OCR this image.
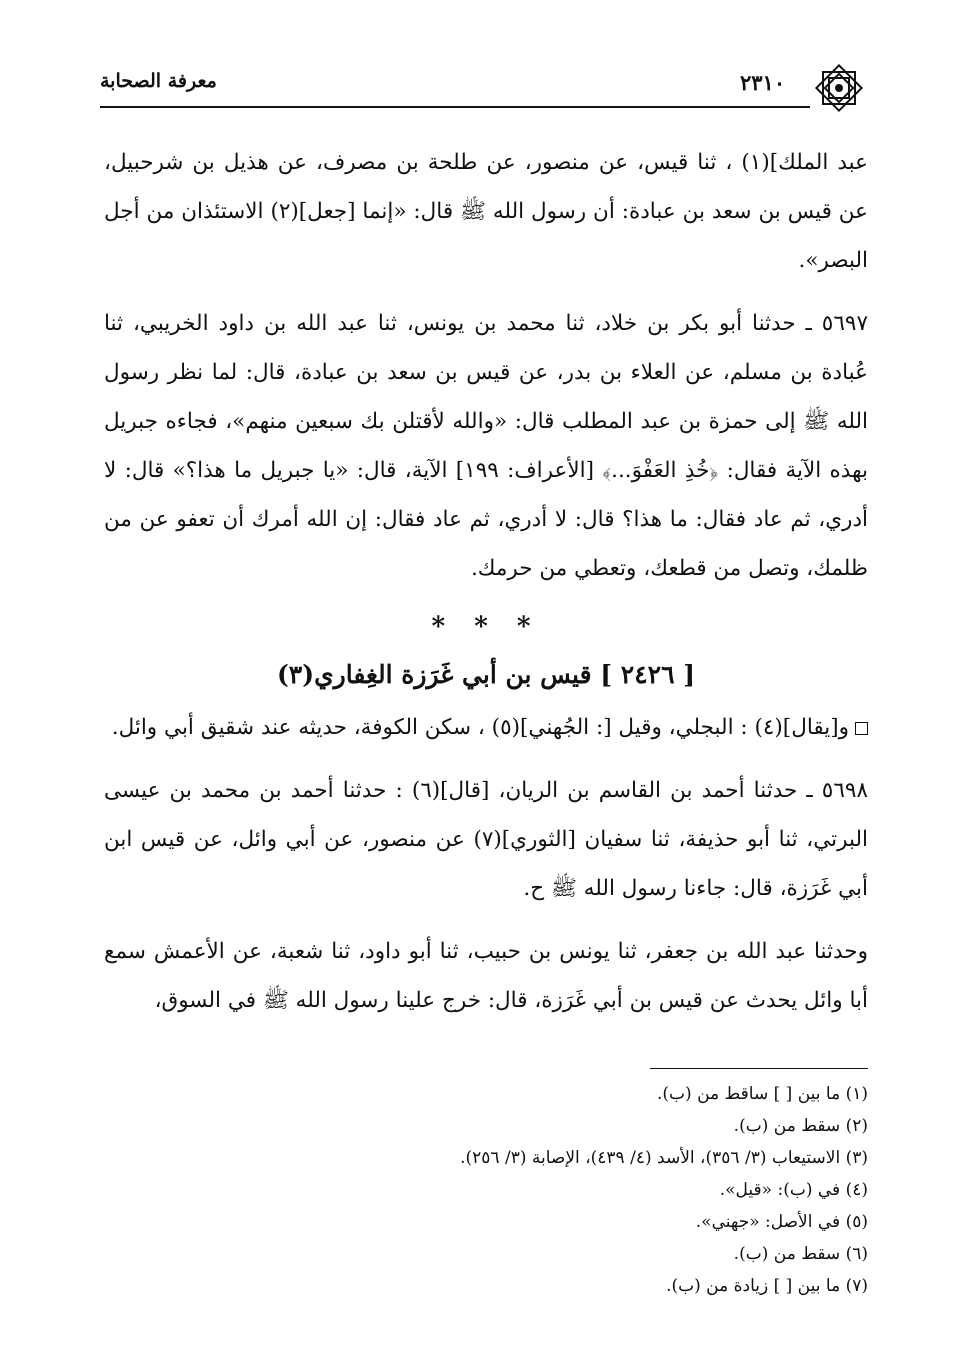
معرفة الصحابة	٢٣١٠

عبد الملك](١) ، ثنا قيس، عن منصور، عن طلحة بن مصرف، عن هذيل بن شرحبيل، عن قيس بن سعد بن عبادة: أن رسول الله ﷺ قال: «إنما [جعل](٢) الاستئذان من أجل البصر».

٥٦٩٧ ـ حدثنا أبو بكر بن خلاد، ثنا محمد بن يونس، ثنا عبد الله بن داود الخريبي، ثنا عُبادة بن مسلم، عن العلاء بن بدر، عن قيس بن سعد بن عبادة، قال: لما نظر رسول الله ﷺ إلى حمزة بن عبد المطلب قال: «والله لأقتلن بك سبعين منهم»، فجاءه جبريل بهذه الآية فقال: ﴿خُذِ العَفْوَ...﴾ [الأعراف: ١٩٩] الآية، قال: «يا جبريل ما هذا؟» قال: لا أدري، ثم عاد فقال: ما هذا؟ قال: لا أدري، ثم عاد فقال: إن الله أمرك أن تعفو عن من ظلمك، وتصل من قطعك، وتعطي من حرمك.

* * *
[ ٢٤٢٦ ] قيس بن أبي غَرَزة الغِفاري(٣)

و[يقال](٤) : البجلي، وقيل [: الجُهني](٥) ، سكن الكوفة، حديثه عند شقيق أبي وائل.

٥٦٩٨ ـ حدثنا أحمد بن القاسم بن الريان، [قال](٦) : حدثنا أحمد بن محمد بن عيسى البرتي، ثنا أبو حذيفة، ثنا سفيان [الثوري](٧) عن منصور، عن أبي وائل، عن قيس ابن أبي غَرَزة، قال: جاءنا رسول الله ﷺ ح.

وحدثنا عبد الله بن جعفر، ثنا يونس بن حبيب، ثنا أبو داود، ثنا شعبة، عن الأعمش سمع أبا وائل يحدث عن قيس بن أبي غَرَزة، قال: خرج علينا رسول الله ﷺ في السوق،

(١) ما بين [ ] ساقط من (ب).

(٢) سقط من (ب).

(٣) الاستيعاب (٣/ ٣٥٦)، الأسد (٤/ ٤٣٩)، الإصابة (٣/ ٢٥٦).

(٤) في (ب): «قيل».

(٥) في الأصل: «جهني».

(٦) سقط من (ب).

(٧) ما بين [ ] زيادة من (ب).
